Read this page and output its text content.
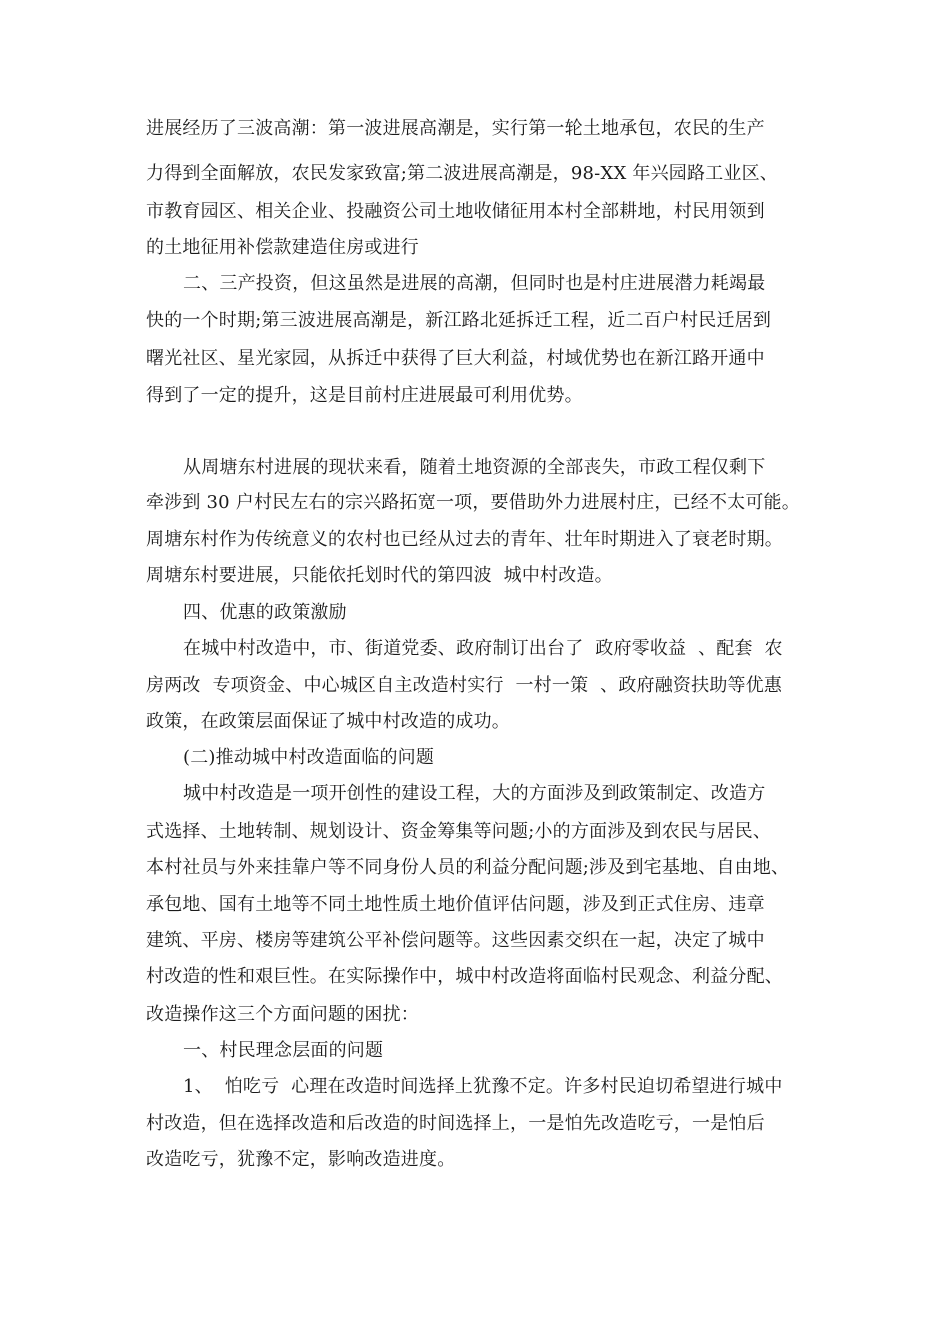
进展经历了三波高潮：第一波进展高潮是，实行第一轮土地承包，农民的生产
力得到全面解放，农民发家致富;第二波进展高潮是，98-XX 年兴园路工业区、
市教育园区、相关企业、投融资公司土地收储征用本村全部耕地，村民用领到
的土地征用补偿款建造住房或进行
二、三产投资，但这虽然是进展的高潮，但同时也是村庄进展潜力耗竭最
快的一个时期;第三波进展高潮是，新江路北延拆迁工程，近二百户村民迁居到
曙光社区、星光家园，从拆迁中获得了巨大利益，村域优势也在新江路开通中
得到了一定的提升，这是目前村庄进展最可利用优势。
从周塘东村进展的现状来看，随着土地资源的全部丧失，市政工程仅剩下
牵涉到 30 户村民左右的宗兴路拓宽一项，要借助外力进展村庄，已经不太可能。
周塘东村作为传统意义的农村也已经从过去的青年、壮年时期进入了衰老时期。
周塘东村要进展，只能依托划时代的第四波  城中村改造。
四、优惠的政策激励
在城中村改造中，市、街道党委、政府制订出台了  政府零收益  、配套  农
房两改  专项资金、中心城区自主改造村实行  一村一策  、政府融资扶助等优惠
政策，在政策层面保证了城中村改造的成功。
(二)推动城中村改造面临的问题
城中村改造是一项开创性的建设工程，大的方面涉及到政策制定、改造方
式选择、土地转制、规划设计、资金筹集等问题;小的方面涉及到农民与居民、
本村社员与外来挂靠户等不同身份人员的利益分配问题;涉及到宅基地、自由地、
承包地、国有土地等不同土地性质土地价值评估问题，涉及到正式住房、违章
建筑、平房、楼房等建筑公平补偿问题等。这些因素交织在一起，决定了城中
村改造的性和艰巨性。在实际操作中，城中村改造将面临村民观念、利益分配、
改造操作这三个方面问题的困扰：
一、村民理念层面的问题
1、  怕吃亏  心理在改造时间选择上犹豫不定。许多村民迫切希望进行城中
村改造，但在选择改造和后改造的时间选择上，一是怕先改造吃亏，一是怕后
改造吃亏，犹豫不定，影响改造进度。
